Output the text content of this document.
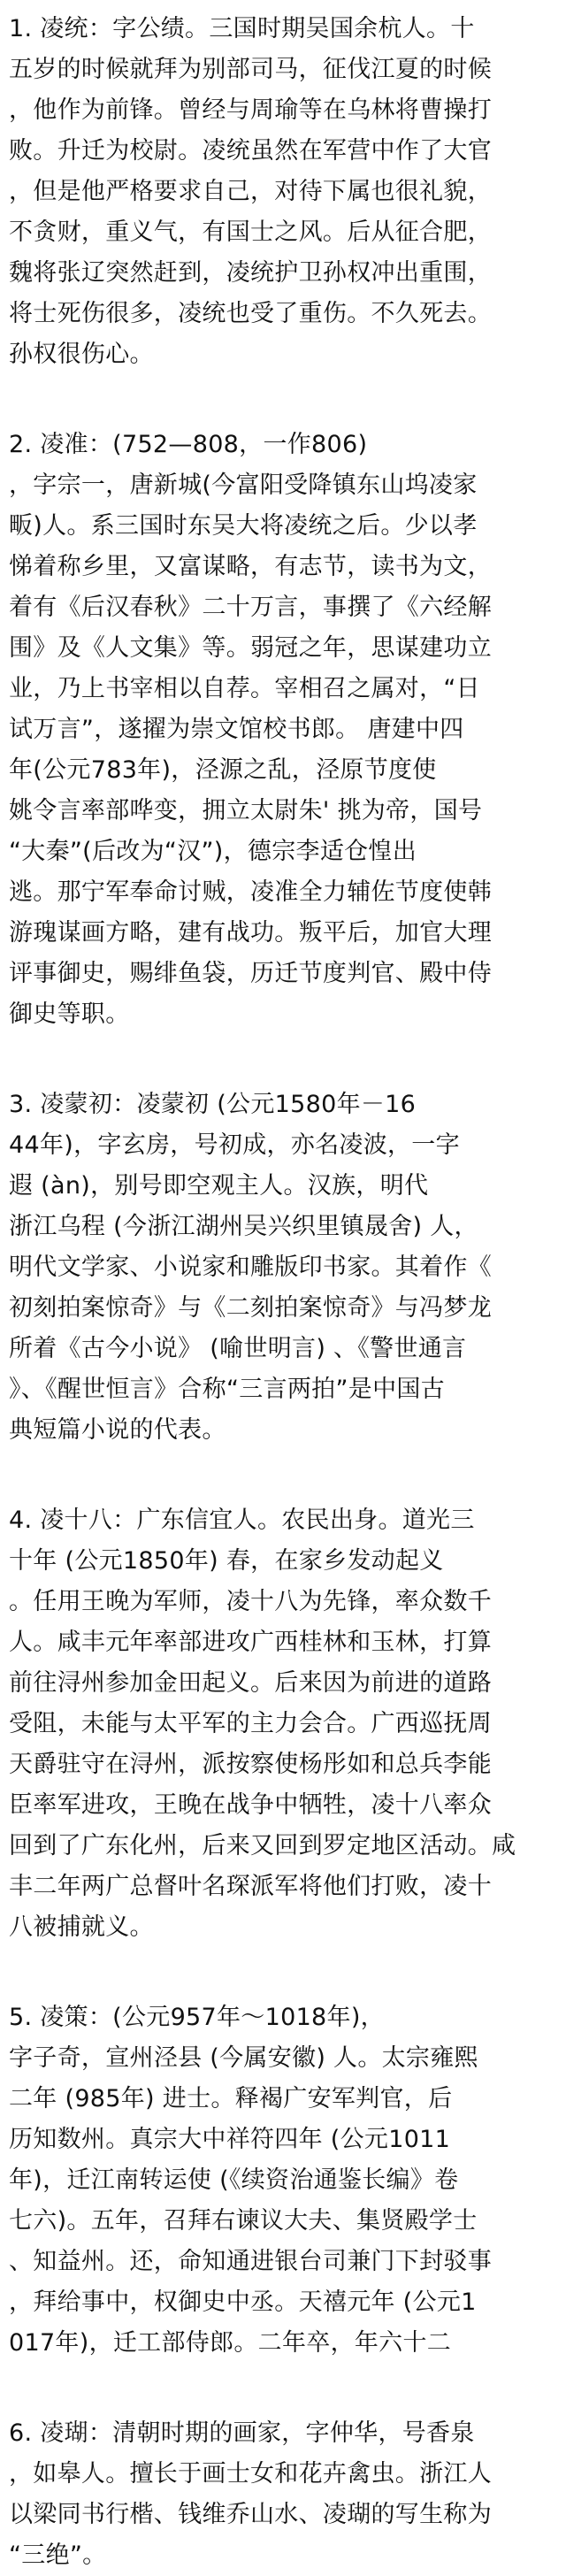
1. 凌统：字公绩。三国时期吴国余杭人。十
五岁的时候就拜为别部司马，征伐江夏的时候
，他作为前锋。曾经与周瑜等在乌林将曹操打
败。升迁为校尉。凌统虽然在军营中作了大官
，但是他严格要求自己，对待下属也很礼貌，
不贪财，重义气，有国士之风。后从征合肥，
魏将张辽突然赶到，凌统护卫孙权冲出重围，
将士死伤很多，凌统也受了重伤。不久死去。
孙权很伤心。
2. 凌准：(752—808，一作806)
，字宗一，唐新城(今富阳受降镇东山坞凌家
畈)人。系三国时东吴大将凌统之后。少以孝
悌着称乡里，又富谋略，有志节，读书为文，
着有《后汉春秋》二十万言，事撰了《六经解
围》及《人文集》等。弱冠之年，思谋建功立
业，乃上书宰相以自荐。宰相召之属对，“日
试万言”，遂擢为崇文馆校书郎。 唐建中四
年(公元783年)，泾源之乱，泾原节度使
姚令言率部哗变，拥立太尉朱' 挑为帝，国号
“大秦”(后改为“汉”)，德宗李适仓惶出
逃。那宁军奉命讨贼，凌准全力辅佐节度使韩
游瑰谋画方略，建有战功。叛平后，加官大理
评事御史，赐绯鱼袋，历迁节度判官、殿中侍
御史等职。
3. 凌蒙初：凌蒙初 (公元1580年－16
44年)，字玄房，号初成，亦名凌波，一字
遐 (àn)，别号即空观主人。汉族，明代
浙江乌程 (今浙江湖州吴兴织里镇晟舍) 人，
明代文学家、小说家和雕版印书家。其着作《
初刻拍案惊奇》与《二刻拍案惊奇》与冯梦龙
所着《古今小说》 (喻世明言) 、《警世通言
》、《醒世恒言》合称“三言两拍”是中国古
典短篇小说的代表。
4. 凌十八：广东信宜人。农民出身。道光三
十年 (公元1850年) 春，在家乡发动起义
。任用王晚为军师，凌十八为先锋，率众数千
人。咸丰元年率部进攻广西桂林和玉林，打算
前往浔州参加金田起义。后来因为前进的道路
受阻，未能与太平军的主力会合。广西巡抚周
天爵驻守在浔州，派按察使杨彤如和总兵李能
臣率军进攻，王晚在战争中牺牲，凌十八率众
回到了广东化州，后来又回到罗定地区活动。咸
丰二年两广总督叶名琛派军将他们打败，凌十
八被捕就义。
5. 凌策：(公元957年～1018年)，
字子奇，宣州泾县 (今属安徽) 人。太宗雍熙
二年 (985年) 进士。释褐广安军判官，后
历知数州。真宗大中祥符四年 (公元1011
年)，迁江南转运使 (《续资治通鉴长编》卷
七六)。五年，召拜右谏议大夫、集贤殿学士
、知益州。还，命知通进银台司兼门下封驳事
，拜给事中，权御史中丞。天禧元年 (公元1
017年)，迁工部侍郎。二年卒，年六十二
6. 凌瑚：清朝时期的画家，字仲华，号香泉
，如皋人。擅长于画士女和花卉禽虫。浙江人
以梁同书行楷、钱维乔山水、凌瑚的写生称为
“三绝”。
